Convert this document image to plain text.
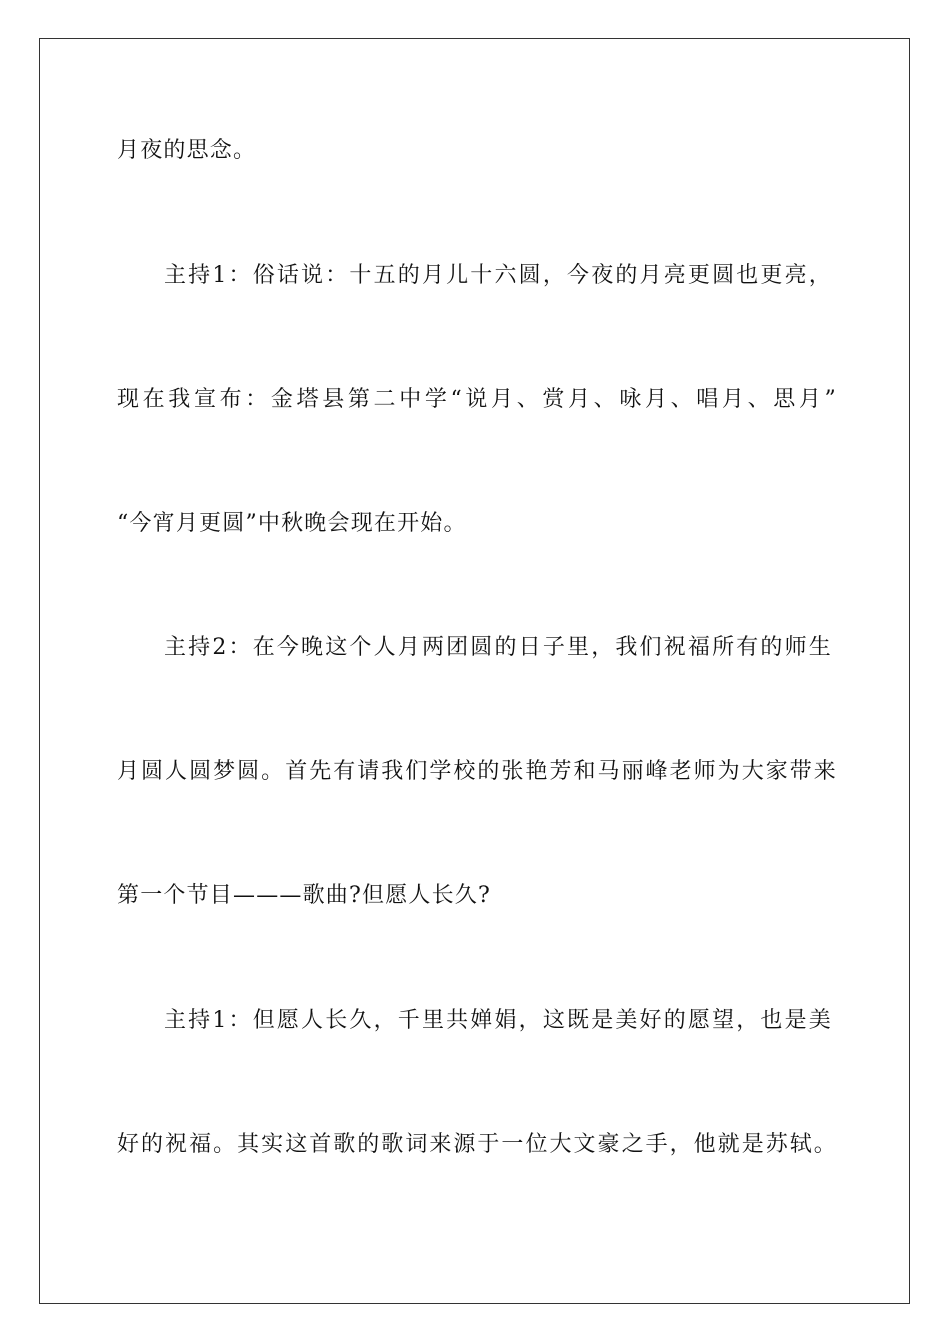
月夜的思念。
主持1：俗话说：十五的月儿十六圆，今夜的月亮更圆也更亮，
现在我宣布：金塔县第二中学“说月、赏月、咏月、唱月、思月”
“今宵月更圆”中秋晚会现在开始。
主持2：在今晚这个人月两团圆的日子里，我们祝福所有的师生
月圆人圆梦圆。首先有请我们学校的张艳芳和马丽峰老师为大家带来
第一个节目———歌曲?但愿人长久?
主持1：但愿人长久，千里共婵娟，这既是美好的愿望，也是美
好的祝福。其实这首歌的歌词来源于一位大文豪之手，他就是苏轼。
